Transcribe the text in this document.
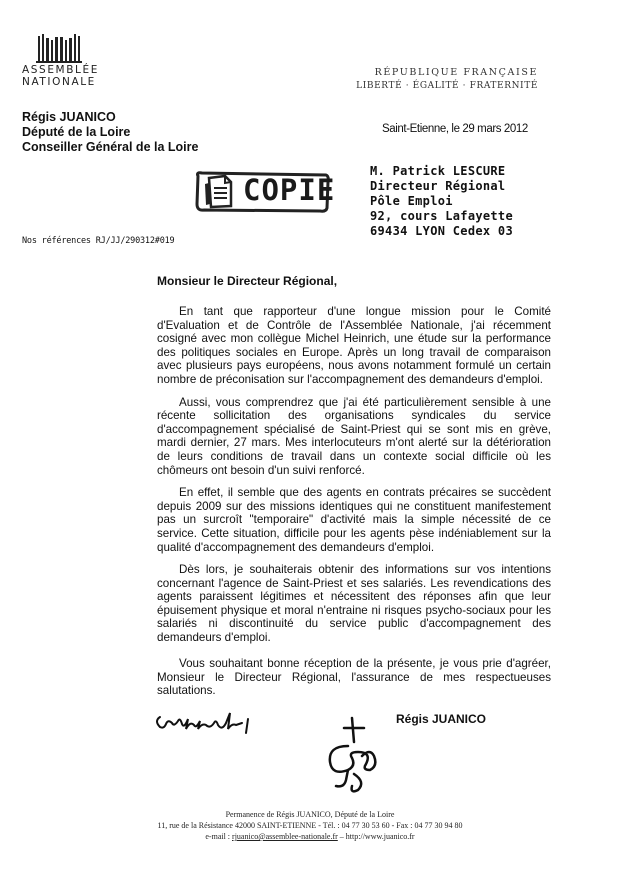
ASSEMBLÉE
NATIONALE
RÉPUBLIQUE FRANÇAISE
LIBERTÉ · ÉGALITÉ · FRATERNITÉ
Régis JUANICO
Député de la Loire
Conseiller Général de la Loire
Saint-Etienne, le 29 mars 2012
COPIE
M. Patrick LESCURE
Directeur Régional
Pôle Emploi
92, cours Lafayette
69434 LYON Cedex 03
Nos références RJ/JJ/290312#019
Monsieur le Directeur Régional,

En tant que rapporteur d'une longue mission pour le Comité d'Evaluation et de Contrôle de l'Assemblée Nationale, j'ai récemment cosigné avec mon collègue Michel Heinrich, une étude sur la performance des politiques sociales en Europe. Après un long travail de comparaison avec plusieurs pays européens, nous avons notamment formulé un certain nombre de préconisation sur l'accompagnement des demandeurs d'emploi.

Aussi, vous comprendrez que j'ai été particulièrement sensible à une récente sollicitation des organisations syndicales du service d'accompagnement spécialisé de Saint-Priest qui se sont mis en grève, mardi dernier, 27 mars. Mes interlocuteurs m'ont alerté sur la détérioration de leurs conditions de travail dans un contexte social difficile où les chômeurs ont besoin d'un suivi renforcé.

En effet, il semble que des agents en contrats précaires se succèdent depuis 2009 sur des missions identiques qui ne constituent manifestement pas un surcroît "temporaire" d'activité mais la simple nécessité de ce service. Cette situation, difficile pour les agents pèse indéniablement sur la qualité d'accompagnement des demandeurs d'emploi.

Dès lors, je souhaiterais obtenir des informations sur vos intentions concernant l'agence de Saint-Priest et ses salariés. Les revendications des agents paraissent légitimes et nécessitent des réponses afin que leur épuisement physique et moral n'entraine ni risques psycho-sociaux pour les salariés ni discontinuité du service public d'accompagnement des demandeurs d'emploi.

Vous souhaitant bonne réception de la présente, je vous prie d'agréer, Monsieur le Directeur Régional, l'assurance de mes respectueuses salutations.
Régis JUANICO
Permanence de Régis JUANICO, Député de la Loire
11, rue de la Résistance 42000 SAINT-ETIENNE - Tél. : 04 77 30 53 60 - Fax : 04 77 30 94 80
e-mail : rjuanico@assemblee-nationale.fr – http://www.juanico.fr
